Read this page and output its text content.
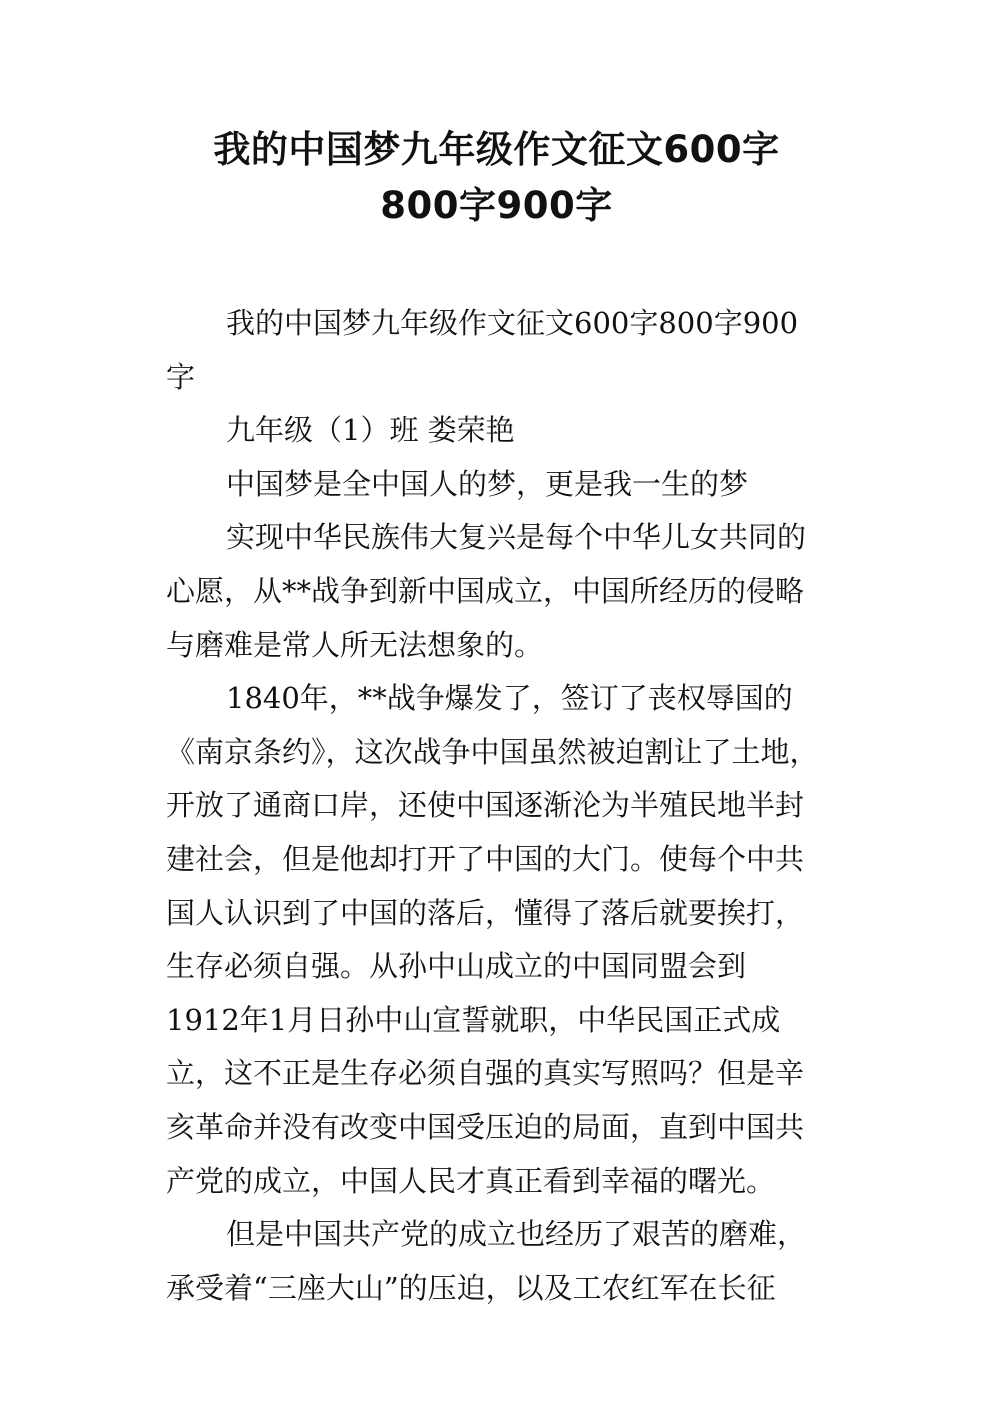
我的中国梦九年级作文征文600字
800字900字
我的中国梦九年级作文征文600字800字900
字
九年级（1）班 娄荣艳
中国梦是全中国人的梦，更是我一生的梦
实现中华民族伟大复兴是每个中华儿女共同的
心愿，从**战争到新中国成立，中国所经历的侵略
与磨难是常人所无法想象的。
1840年，**战争爆发了，签订了丧权辱国的
《南京条约》，这次战争中国虽然被迫割让了土地，
开放了通商口岸，还使中国逐渐沦为半殖民地半封
建社会，但是他却打开了中国的大门。使每个中共
国人认识到了中国的落后，懂得了落后就要挨打，
生存必须自强。从孙中山成立的中国同盟会到
1912年1月日孙中山宣誓就职，中华民国正式成
立，这不正是生存必须自强的真实写照吗？但是辛
亥革命并没有改变中国受压迫的局面，直到中国共
产党的成立，中国人民才真正看到幸福的曙光。
但是中国共产党的成立也经历了艰苦的磨难，
承受着“三座大山”的压迫，以及工农红军在长征
